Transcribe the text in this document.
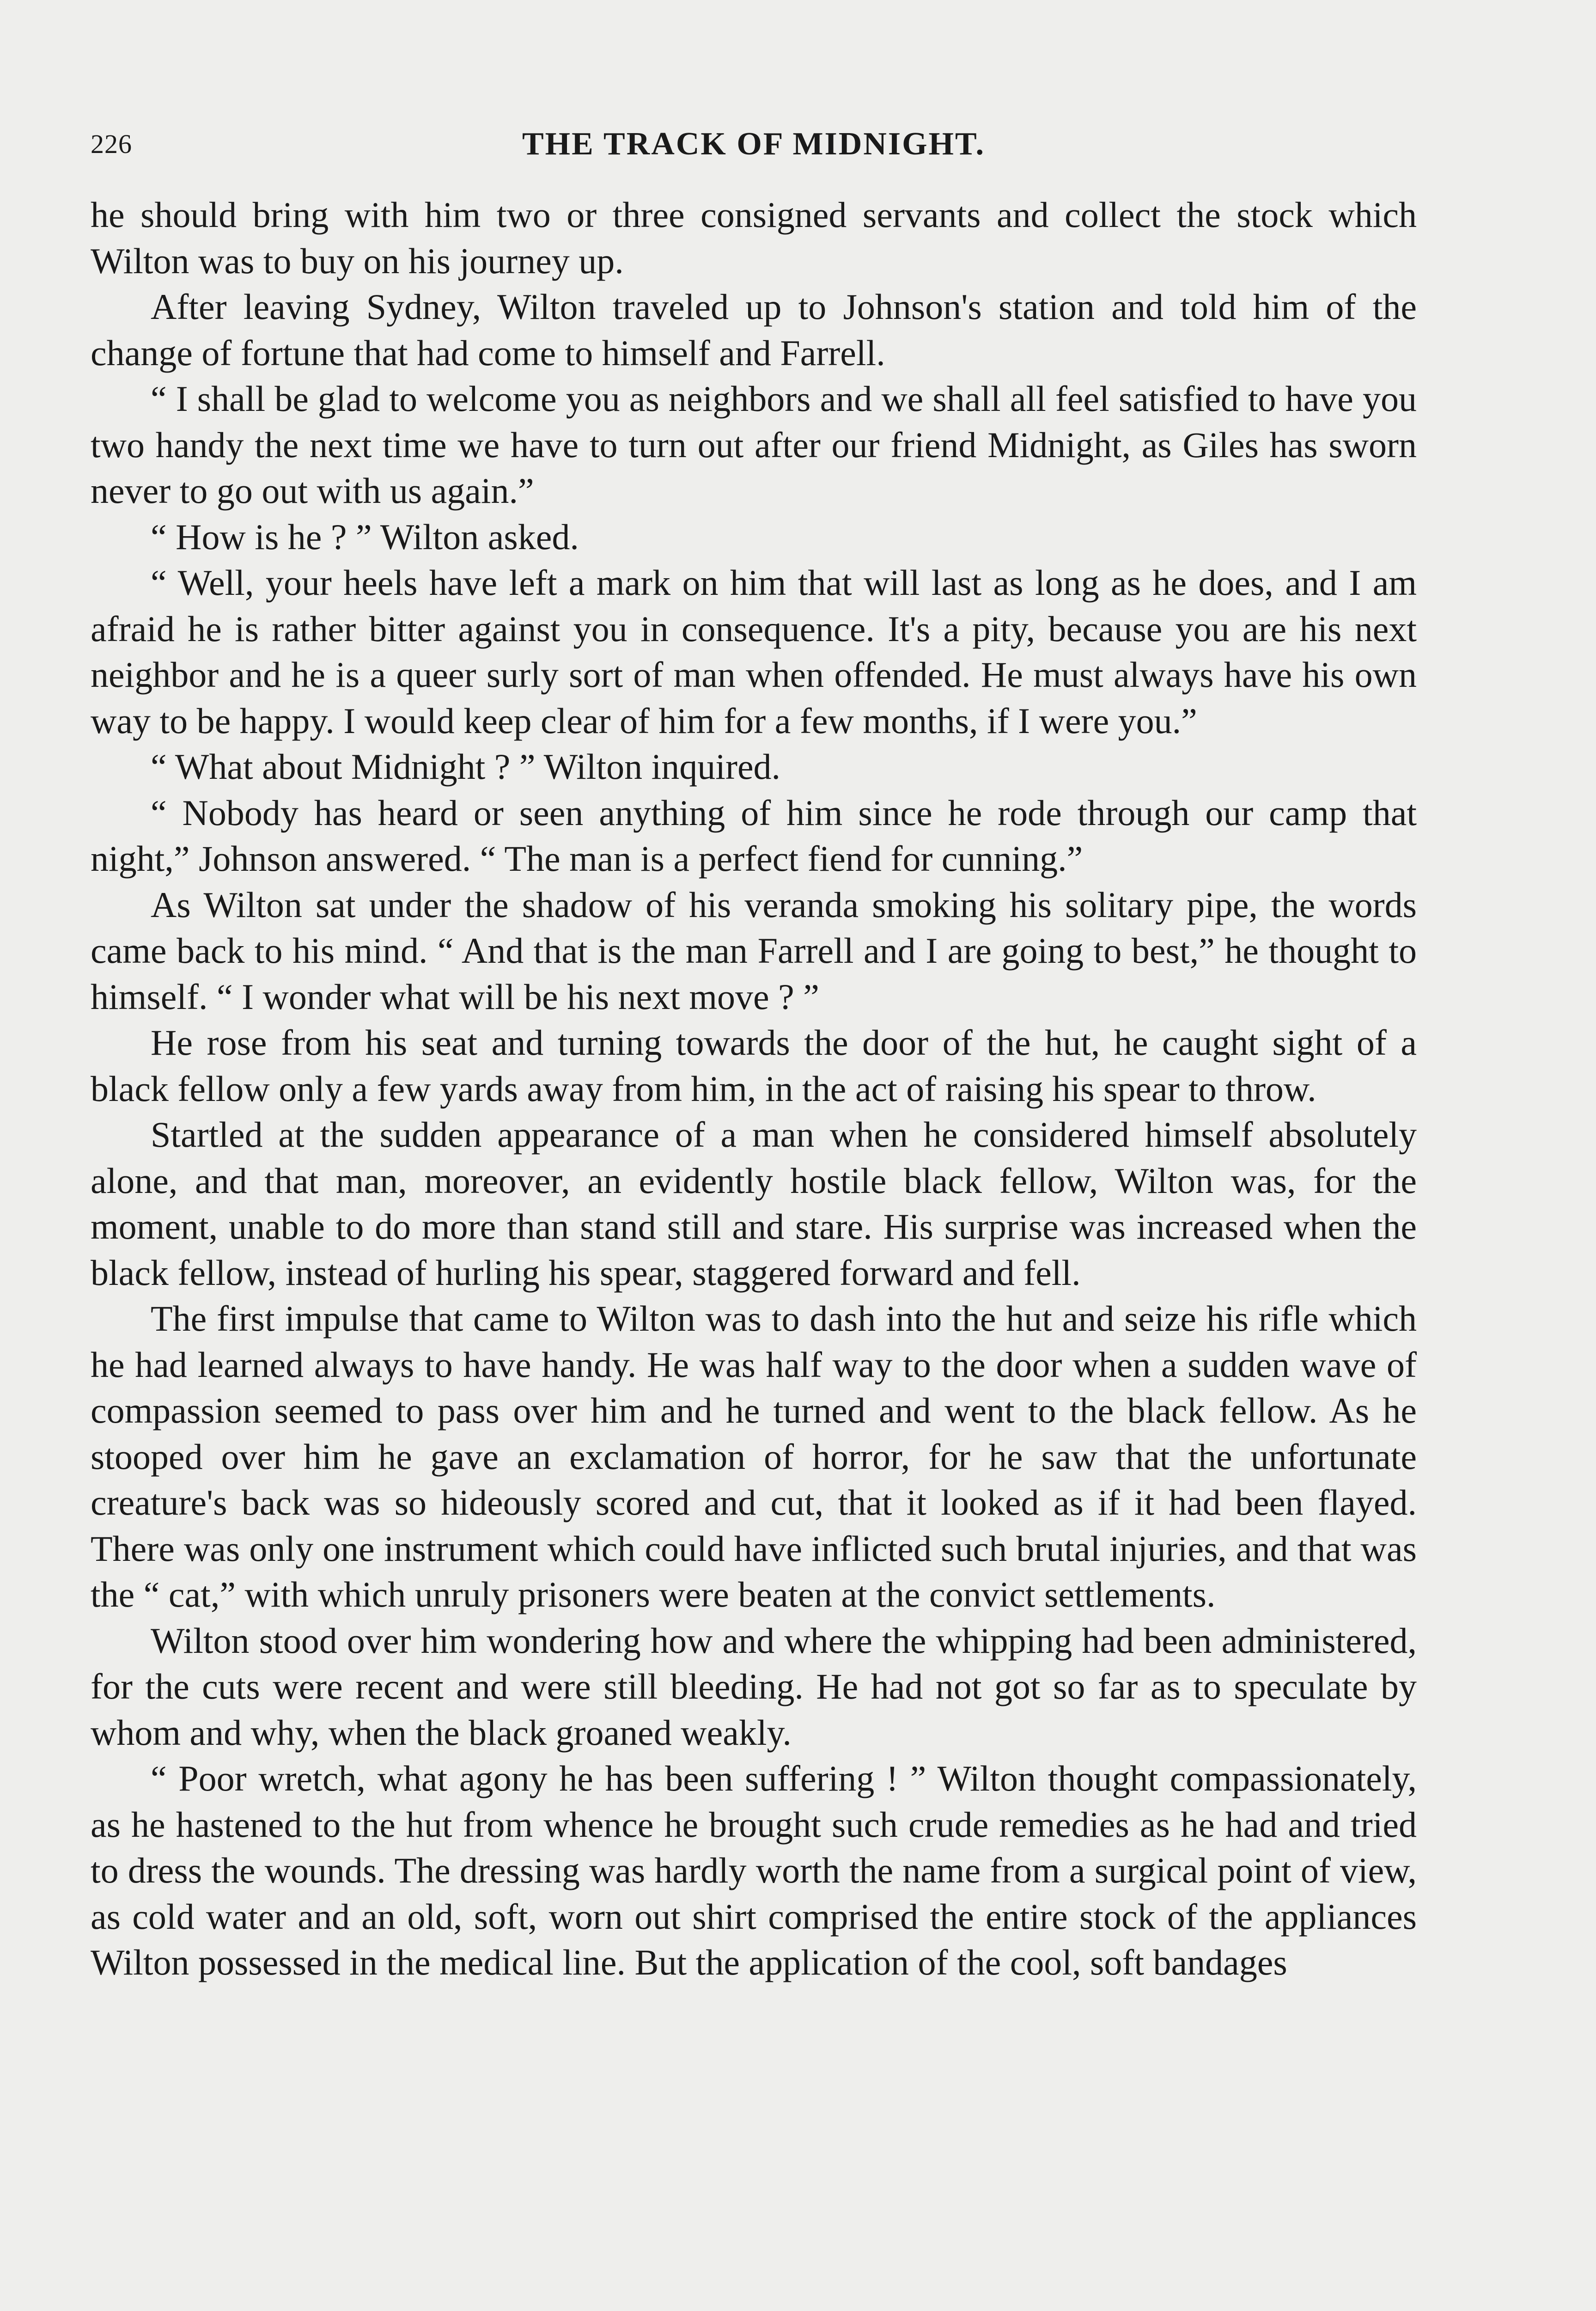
226	THE TRACK OF MIDNIGHT.

he should bring with him two or three consigned servants and collect the stock which Wilton was to buy on his journey up.

After leaving Sydney, Wilton traveled up to Johnson's station and told him of the change of fortune that had come to himself and Farrell.

“ I shall be glad to welcome you as neighbors and we shall all feel satisfied to have you two handy the next time we have to turn out after our friend Midnight, as Giles has sworn never to go out with us again.”

“ How is he ? ” Wilton asked.

“ Well, your heels have left a mark on him that will last as long as he does, and I am afraid he is rather bitter against you in consequence. It's a pity, because you are his next neighbor and he is a queer surly sort of man when offended. He must always have his own way to be happy. I would keep clear of him for a few months, if I were you.”

“ What about Midnight ? ” Wilton inquired.

“ Nobody has heard or seen anything of him since he rode through our camp that night,” Johnson answered. “ The man is a perfect fiend for cunning.”

As Wilton sat under the shadow of his veranda smoking his solitary pipe, the words came back to his mind. “ And that is the man Farrell and I are going to best,” he thought to himself. “ I wonder what will be his next move ? ”

He rose from his seat and turning towards the door of the hut, he caught sight of a black fellow only a few yards away from him, in the act of raising his spear to throw.

Startled at the sudden appearance of a man when he considered himself absolutely alone, and that man, moreover, an evidently hostile black fellow, Wilton was, for the moment, unable to do more than stand still and stare. His surprise was increased when the black fellow, instead of hurling his spear, staggered forward and fell.

The first impulse that came to Wilton was to dash into the hut and seize his rifle which he had learned always to have handy. He was half way to the door when a sudden wave of compassion seemed to pass over him and he turned and went to the black fellow. As he stooped over him he gave an exclamation of horror, for he saw that the unfortunate creature's back was so hideously scored and cut, that it looked as if it had been flayed. There was only one instrument which could have inflicted such brutal injuries, and that was the “ cat,” with which unruly prisoners were beaten at the convict settlements.

Wilton stood over him wondering how and where the whipping had been administered, for the cuts were recent and were still bleeding. He had not got so far as to speculate by whom and why, when the black groaned weakly.

“ Poor wretch, what agony he has been suffering ! ” Wilton thought compassionately, as he hastened to the hut from whence he brought such crude remedies as he had and tried to dress the wounds. The dressing was hardly worth the name from a surgical point of view, as cold water and an old, soft, worn out shirt comprised the entire stock of the appliances Wilton possessed in the medical line. But the application of the cool, soft bandages
